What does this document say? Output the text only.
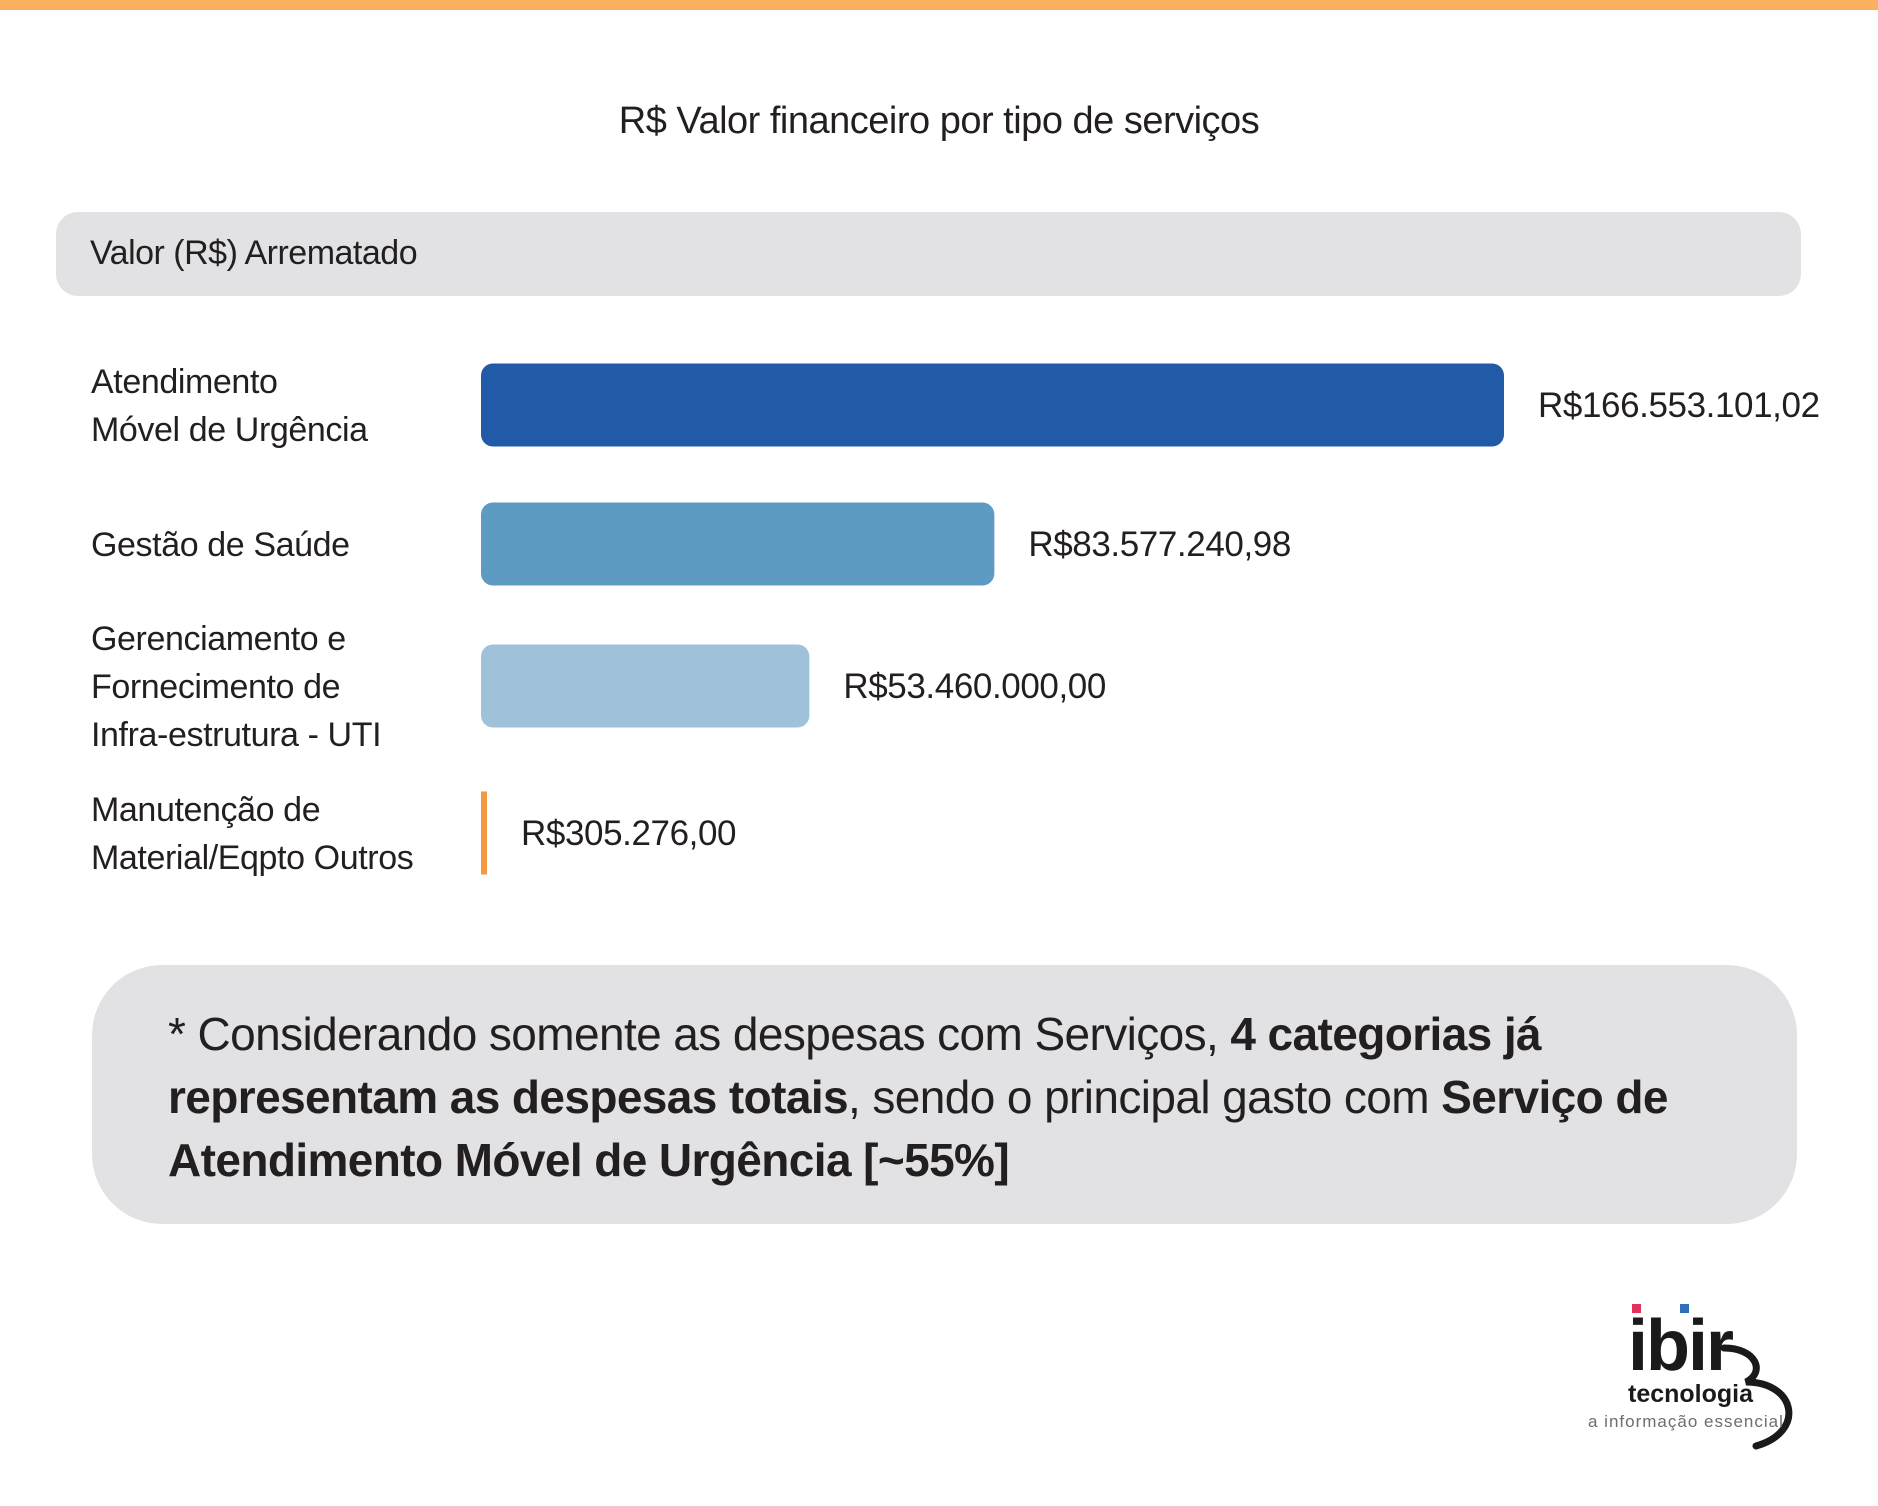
R$ Valor financeiro por tipo de serviços
Valor (R$) Arrematado
R$166.553.101,02
Atendimento
Móvel de Urgência
R$83.577.240,98
Gestão de Saúde
R$53.460.000,00
Gerenciamento e
Fornecimento de
Infra-estrutura - UTI
R$305.276,00
Manutenção de
Material/Eqpto Outros
* Considerando somente as despesas com Serviços, 4 categorias já representam as despesas totais, sendo o principal gasto com Serviço de Atendimento Móvel de Urgência [~55%]
ibir
tecnologia
a informação essencial
